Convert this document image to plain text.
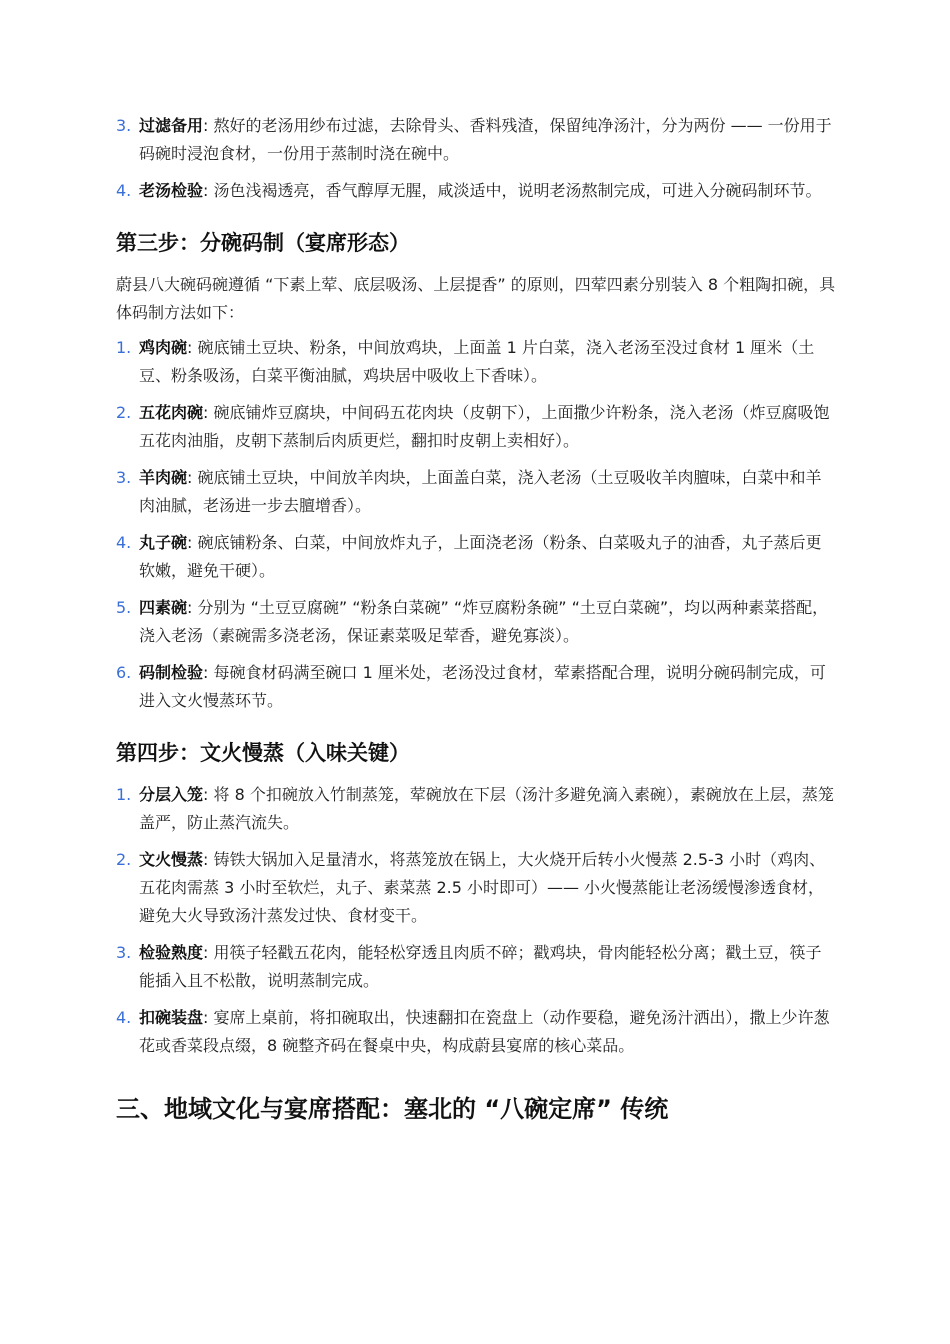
3. 过滤备用: 熬好的老汤用纱布过滤，去除骨头、香料残渣，保留纯净汤汁，分为两份 —— 一份用于码碗时浸泡食材，一份用于蒸制时浇在碗中。
4. 老汤检验: 汤色浅褐透亮，香气醇厚无腥，咸淡适中，说明老汤熬制完成，可进入分碗码制环节。
第三步：分碗码制（宴席形态）

蔚县八大碗码碗遵循 “下素上荤、底层吸汤、上层提香” 的原则，四荤四素分别装入 8 个粗陶扣碗，具体码制方法如下：

1. 鸡肉碗: 碗底铺土豆块、粉条，中间放鸡块，上面盖 1 片白菜，浇入老汤至没过食材 1 厘米（土豆、粉条吸汤，白菜平衡油腻，鸡块居中吸收上下香味）。
2. 五花肉碗: 碗底铺炸豆腐块，中间码五花肉块（皮朝下），上面撒少许粉条，浇入老汤（炸豆腐吸饱五花肉油脂，皮朝下蒸制后肉质更烂，翻扣时皮朝上卖相好）。
3. 羊肉碗: 碗底铺土豆块，中间放羊肉块，上面盖白菜，浇入老汤（土豆吸收羊肉膻味，白菜中和羊肉油腻，老汤进一步去膻增香）。
4. 丸子碗: 碗底铺粉条、白菜，中间放炸丸子，上面浇老汤（粉条、白菜吸丸子的油香，丸子蒸后更软嫩，避免干硬）。
5. 四素碗: 分别为 “土豆豆腐碗” “粉条白菜碗” “炸豆腐粉条碗” “土豆白菜碗”，均以两种素菜搭配，浇入老汤（素碗需多浇老汤，保证素菜吸足荤香，避免寡淡）。
6. 码制检验: 每碗食材码满至碗口 1 厘米处，老汤没过食材，荤素搭配合理，说明分碗码制完成，可进入文火慢蒸环节。
第四步：文火慢蒸（入味关键）
1. 分层入笼: 将 8 个扣碗放入竹制蒸笼，荤碗放在下层（汤汁多避免滴入素碗），素碗放在上层，蒸笼盖严，防止蒸汽流失。
2. 文火慢蒸: 铸铁大锅加入足量清水，将蒸笼放在锅上，大火烧开后转小火慢蒸 2.5-3 小时（鸡肉、五花肉需蒸 3 小时至软烂，丸子、素菜蒸 2.5 小时即可）—— 小火慢蒸能让老汤缓慢渗透食材，避免大火导致汤汁蒸发过快、食材变干。
3. 检验熟度: 用筷子轻戳五花肉，能轻松穿透且肉质不碎；戳鸡块，骨肉能轻松分离；戳土豆，筷子能插入且不松散，说明蒸制完成。
4. 扣碗装盘: 宴席上桌前，将扣碗取出，快速翻扣在瓷盘上（动作要稳，避免汤汁洒出），撒上少许葱花或香菜段点缀，8 碗整齐码在餐桌中央，构成蔚县宴席的核心菜品。
三、地域文化与宴席搭配：塞北的 “八碗定席” 传统
